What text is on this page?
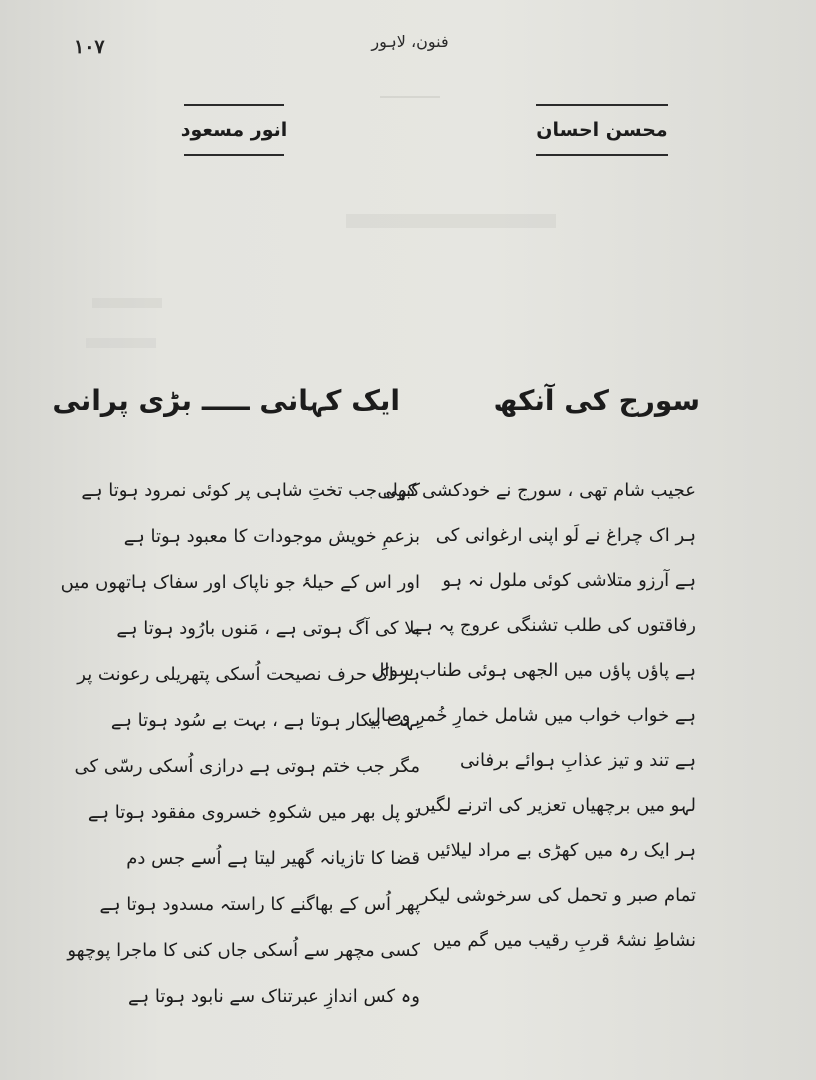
فنون، لاہور
۱۰۷
محسن احسان
انور مسعود
سورج کی آنکھ
ایک کہانی ـــــ بڑی پرانی
عجیب شام تھی ، سورج نے خودکشی کرلی
ہر اک چراغ نے لَو اپنی ارغوانی کی
ہے آرزو متلاشی کوئی ملول نہ ہو
رفاقتوں کی طلب تشنگی عروج پہ ہے
ہے پاؤں پاؤں میں الجھی ہوئی طناب سوال
ہے خواب خواب میں شامل خمارِ خُمرِ وصال
ہے تند و تیز عذابِ ہوائے برفانی
لہو میں برچھیاں تعزیر کی اترنے لگیں
ہر ایک رہ میں کھڑی بے مراد لیلائیں
تمام صبر و تحمل کی سرخوشی لیکر
نشاطِ نشۂ قربِ رقیب میں گم میں
کبھی جب تختِ شاہی پر کوئی نمرود ہوتا ہے
بزعمِ خویش موجودات کا معبود ہوتا ہے
اور اس کے حیلۂ جو ناپاک اور سفاک ہاتھوں میں
بلا کی آگ ہوتی ہے ، مَنوں بارُود ہوتا ہے
ہر اک حرف نصیحت اُسکی پتھریلی رعونت پر
بہت بیکار ہوتا ہے ، بہت بے سُود ہوتا ہے
مگر جب ختم ہوتی ہے درازی اُسکی رسّی کی
تو پل بھر میں شکوہِ خسروی مفقود ہوتا ہے
قضا کا تازیانہ گھیر لیتا ہے اُسے جس دم
پھر اُس کے بھاگنے کا راستہ مسدود ہوتا ہے
کسی مچھر سے اُسکی جاں کنی کا ماجرا پوچھو
وہ کس اندازِ عبرتناک سے نابود ہوتا ہے
